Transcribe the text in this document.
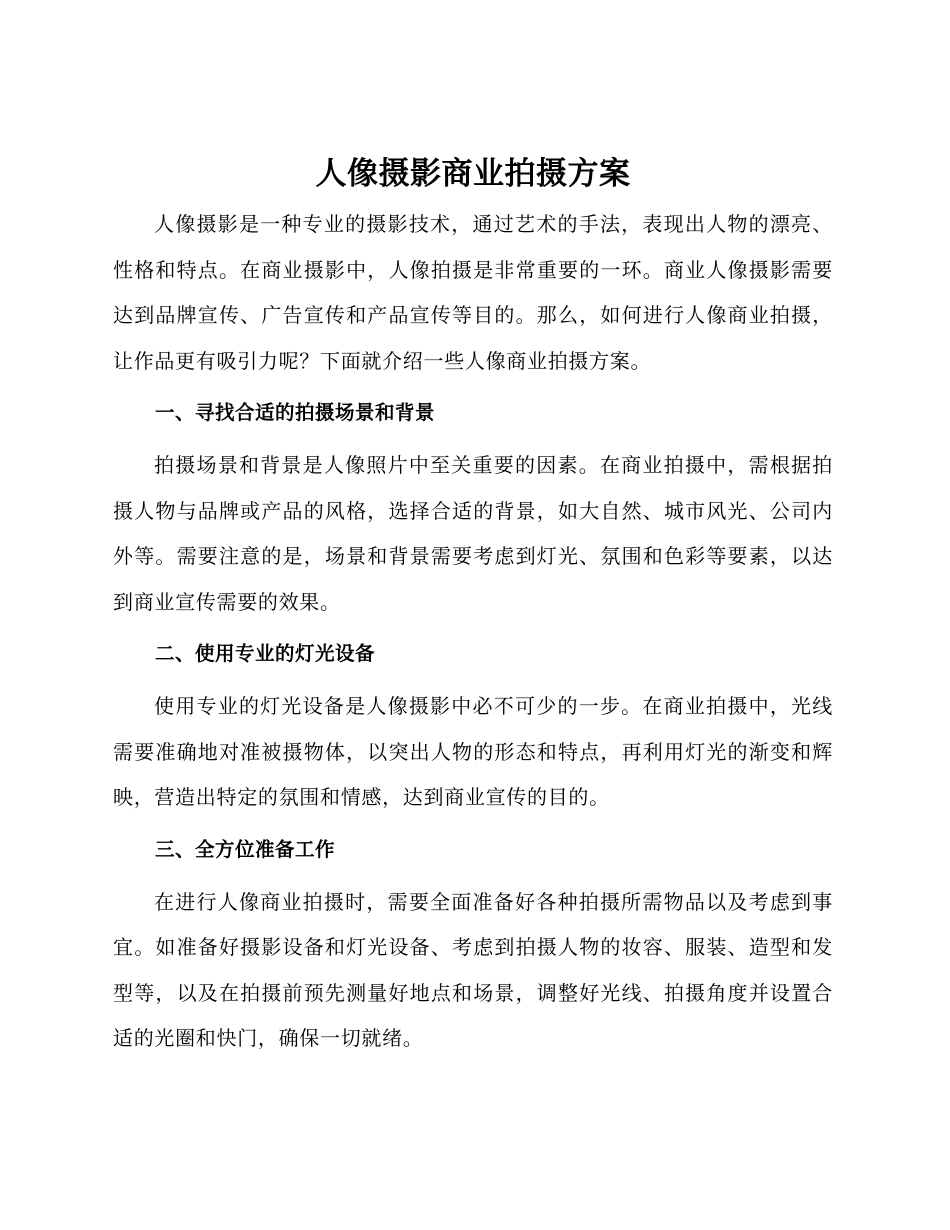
人像摄影商业拍摄方案

人像摄影是一种专业的摄影技术，通过艺术的手法，表现出人物的漂亮、性格和特点。在商业摄影中，人像拍摄是非常重要的一环。商业人像摄影需要达到品牌宣传、广告宣传和产品宣传等目的。那么，如何进行人像商业拍摄，让作品更有吸引力呢？下面就介绍一些人像商业拍摄方案。

一、寻找合适的拍摄场景和背景

拍摄场景和背景是人像照片中至关重要的因素。在商业拍摄中，需根据拍摄人物与品牌或产品的风格，选择合适的背景，如大自然、城市风光、公司内外等。需要注意的是，场景和背景需要考虑到灯光、氛围和色彩等要素，以达到商业宣传需要的效果。

二、使用专业的灯光设备

使用专业的灯光设备是人像摄影中必不可少的一步。在商业拍摄中，光线需要准确地对准被摄物体，以突出人物的形态和特点，再利用灯光的渐变和辉映，营造出特定的氛围和情感，达到商业宣传的目的。

三、全方位准备工作

在进行人像商业拍摄时，需要全面准备好各种拍摄所需物品以及考虑到事宜。如准备好摄影设备和灯光设备、考虑到拍摄人物的妆容、服装、造型和发型等，以及在拍摄前预先测量好地点和场景，调整好光线、拍摄角度并设置合适的光圈和快门，确保一切就绪。
